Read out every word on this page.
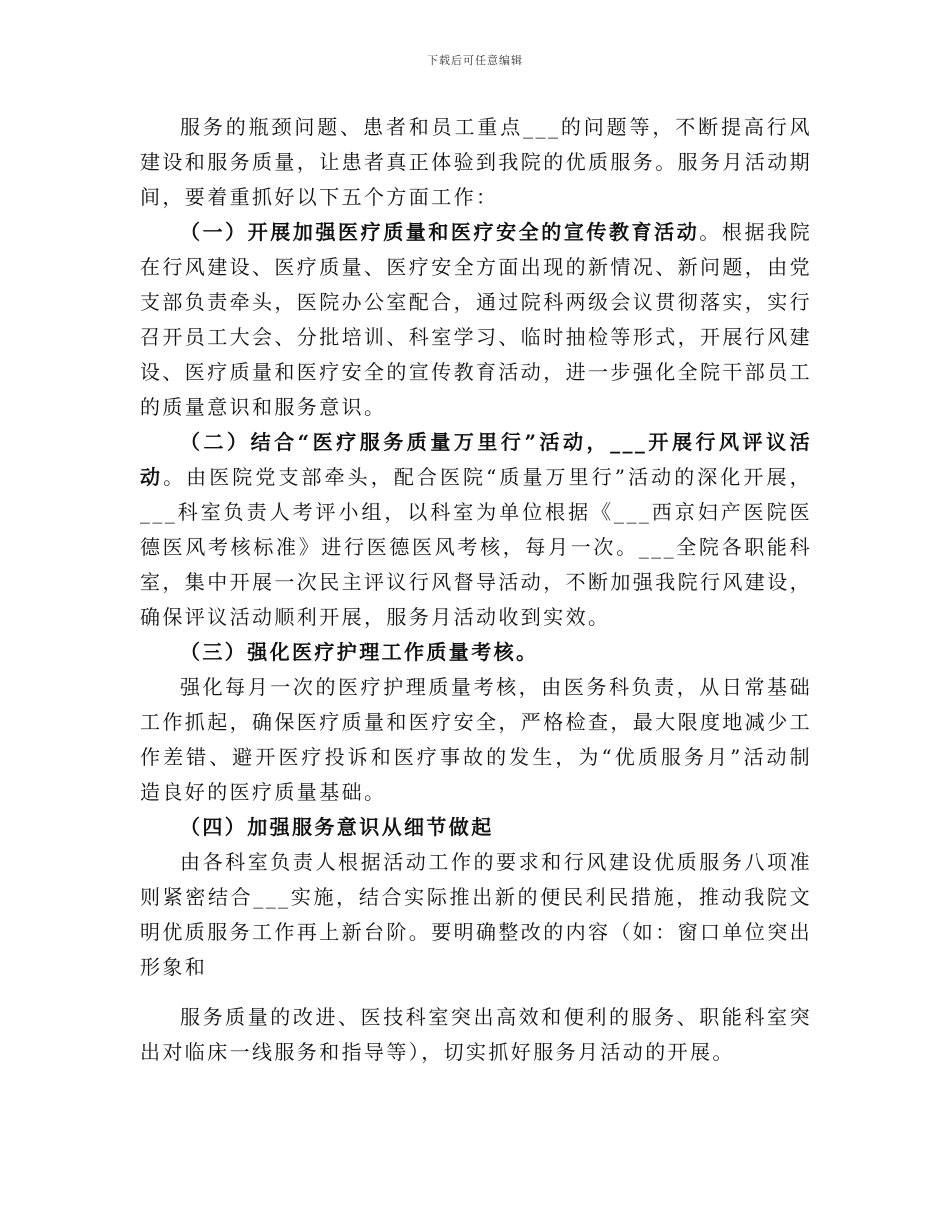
下载后可任意编辑

服务的瓶颈问题、患者和员工重点___的问题等，不断提高行风建设和服务质量，让患者真正体验到我院的优质服务。服务月活动期间，要着重抓好以下五个方面工作：

（一）开展加强医疗质量和医疗安全的宣传教育活动。根据我院在行风建设、医疗质量、医疗安全方面出现的新情况、新问题，由党支部负责牵头，医院办公室配合，通过院科两级会议贯彻落实，实行召开员工大会、分批培训、科室学习、临时抽检等形式，开展行风建设、医疗质量和医疗安全的宣传教育活动，进一步强化全院干部员工的质量意识和服务意识。

（二）结合“医疗服务质量万里行”活动，___开展行风评议活动。由医院党支部牵头，配合医院“质量万里行”活动的深化开展，___科室负责人考评小组，以科室为单位根据《___西京妇产医院医德医风考核标准》进行医德医风考核，每月一次。___全院各职能科室，集中开展一次民主评议行风督导活动，不断加强我院行风建设，确保评议活动顺利开展，服务月活动收到实效。

（三）强化医疗护理工作质量考核。

强化每月一次的医疗护理质量考核，由医务科负责，从日常基础工作抓起，确保医疗质量和医疗安全，严格检查，最大限度地减少工作差错、避开医疗投诉和医疗事故的发生，为“优质服务月”活动制造良好的医疗质量基础。

（四）加强服务意识从细节做起

由各科室负责人根据活动工作的要求和行风建设优质服务八项准则紧密结合___实施，结合实际推出新的便民利民措施，推动我院文明优质服务工作再上新台阶。要明确整改的内容（如：窗口单位突出形象和

服务质量的改进、医技科室突出高效和便利的服务、职能科室突出对临床一线服务和指导等），切实抓好服务月活动的开展。
